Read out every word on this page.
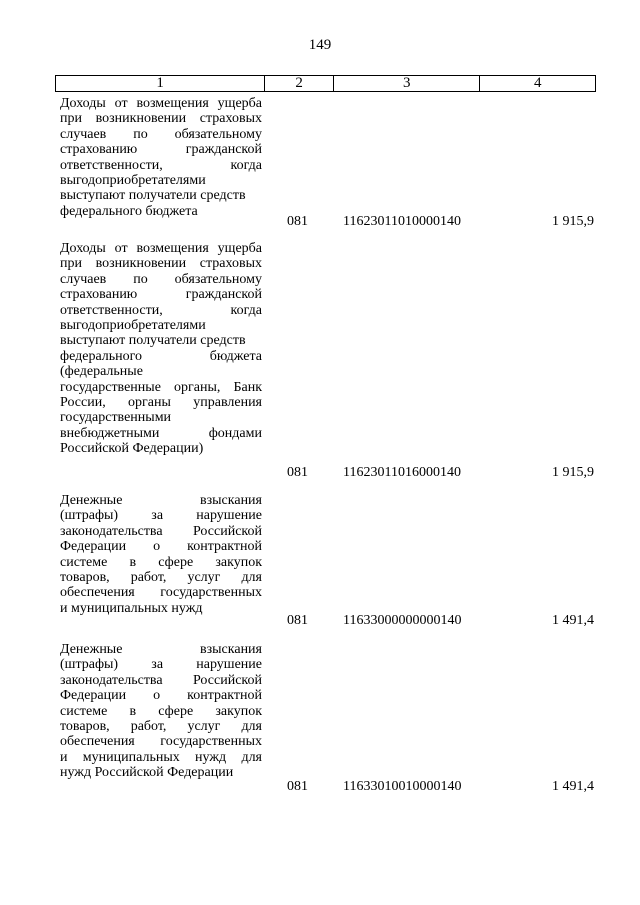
149
1	2	3	4
Доходы от возмещения ущерба
при возникновении страховых
случаев по обязательному
страхованию гражданской
ответственности, когда
выгодоприобретателями
выступают получатели средств
федерального бюджета
081	11623011010000140	1 915,9
Доходы от возмещения ущерба
при возникновении страховых
случаев по обязательному
страхованию гражданской
ответственности, когда
выгодоприобретателями
выступают получатели средств
федерального бюджета
(федеральные
государственные органы, Банк
России, органы управления
государственными
внебюджетными фондами
Российской Федерации)
081	11623011016000140	1 915,9
Денежные взыскания
(штрафы) за нарушение
законодательства Российской
Федерации о контрактной
системе в сфере закупок
товаров, работ, услуг для
обеспечения государственных
и муниципальных нужд
081	11633000000000140	1 491,4
Денежные взыскания
(штрафы) за нарушение
законодательства Российской
Федерации о контрактной
системе в сфере закупок
товаров, работ, услуг для
обеспечения государственных
и муниципальных нужд для
нужд Российской Федерации
081	11633010010000140	1 491,4
